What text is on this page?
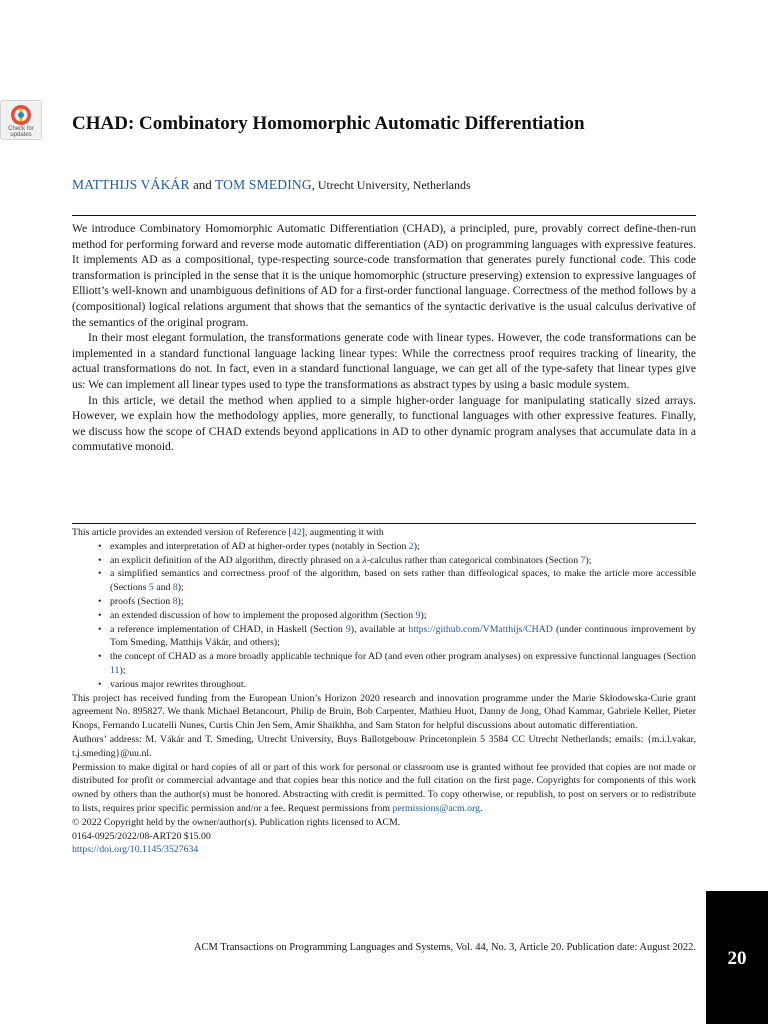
Check for
updates
CHAD: Combinatory Homomorphic Automatic Differentiation
MATTHIJS VÁKÁR and TOM SMEDING, Utrecht University, Netherlands

We introduce Combinatory Homomorphic Automatic Differentiation (CHAD), a principled, pure, provably correct define-then-run method for performing forward and reverse mode automatic differentiation (AD) on programming languages with expressive features. It implements AD as a compositional, type-respecting source-code transformation that generates purely functional code. This code transformation is principled in the sense that it is the unique homomorphic (structure preserving) extension to expressive languages of Elliott’s well-known and unambiguous definitions of AD for a first-order functional language. Correctness of the method follows by a (compositional) logical relations argument that shows that the semantics of the syntactic derivative is the usual calculus derivative of the semantics of the original program.

In their most elegant formulation, the transformations generate code with linear types. However, the code transformations can be implemented in a standard functional language lacking linear types: While the correctness proof requires tracking of linearity, the actual transformations do not. In fact, even in a standard functional language, we can get all of the type-safety that linear types give us: We can implement all linear types used to type the transformations as abstract types by using a basic module system.

In this article, we detail the method when applied to a simple higher-order language for manipulating statically sized arrays. However, we explain how the methodology applies, more generally, to functional languages with other expressive features. Finally, we discuss how the scope of CHAD extends beyond applications in AD to other dynamic program analyses that accumulate data in a commutative monoid.

This article provides an extended version of Reference [42], augmenting it with

• examples and interpretation of AD at higher-order types (notably in Section 2);
• an explicit definition of the AD algorithm, directly phrased on a λ-calculus rather than categorical combinators (Section 7);
• a simplified semantics and correctness proof of the algorithm, based on sets rather than diffeological spaces, to make the article more accessible (Sections 5 and 8);
• proofs (Section 8);
• an extended discussion of how to implement the proposed algorithm (Section 9);
• a reference implementation of CHAD, in Haskell (Section 9), available at https://github.com/VMatthijs/CHAD (under continuous improvement by Tom Smeding, Matthijs Vákár, and others);
• the concept of CHAD as a more broadly applicable technique for AD (and even other program analyses) on expressive functional languages (Section 11);
• various major rewrites throughout.

This project has received funding from the European Union’s Horizon 2020 research and innovation programme under the Marie Skłodowska-Curie grant agreement No. 895827. We thank Michael Betancourt, Philip de Bruin, Bob Carpenter, Mathieu Huot, Danny de Jong, Ohad Kammar, Gabriele Keller, Pieter Knops, Fernando Lucatelli Nunes, Curtis Chin Jen Sem, Amir Shaikhha, and Sam Staton for helpful discussions about automatic differentiation.

Authors’ address: M. Vákár and T. Smeding, Utrecht University, Buys Ballotgebouw Princetonplein 5 3584 CC Utrecht Netherlands; emails: {m.i.l.vakar, t.j.smeding}@uu.nl.

Permission to make digital or hard copies of all or part of this work for personal or classroom use is granted without fee provided that copies are not made or distributed for profit or commercial advantage and that copies bear this notice and the full citation on the first page. Copyrights for components of this work owned by others than the author(s) must be honored. Abstracting with credit is permitted. To copy otherwise, or republish, to post on servers or to redistribute to lists, requires prior specific permission and/or a fee. Request permissions from permissions@acm.org.

© 2022 Copyright held by the owner/author(s). Publication rights licensed to ACM.

0164-0925/2022/08-ART20 $15.00

https://doi.org/10.1145/3527634

ACM Transactions on Programming Languages and Systems, Vol. 44, No. 3, Article 20. Publication date: August 2022.
20
